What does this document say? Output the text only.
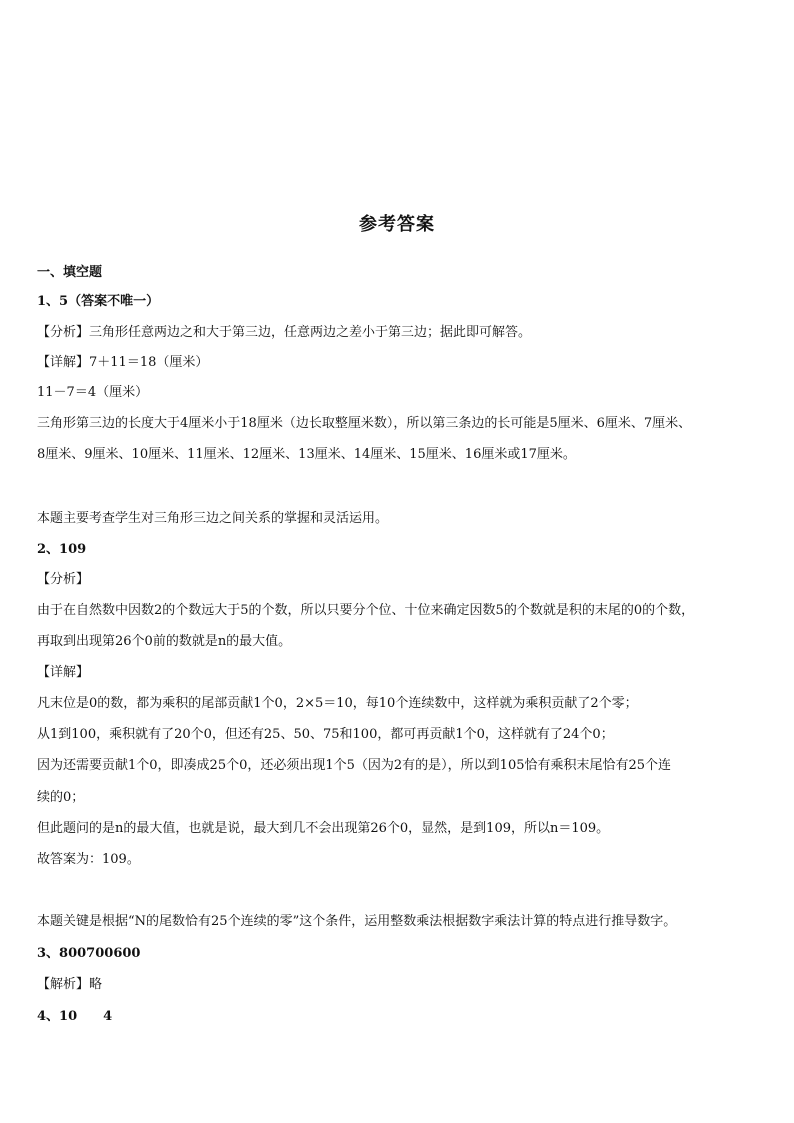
参考答案
一、填空题
1、5（答案不唯一）
【分析】三角形任意两边之和大于第三边，任意两边之差小于第三边；据此即可解答。
【详解】7＋11＝18（厘米）
11－7＝4（厘米）
三角形第三边的长度大于4厘米小于18厘米（边长取整厘米数），所以第三条边的长可能是5厘米、6厘米、7厘米、
8厘米、9厘米、10厘米、11厘米、12厘米、13厘米、14厘米、15厘米、16厘米或17厘米。
本题主要考查学生对三角形三边之间关系的掌握和灵活运用。
2、109
【分析】
由于在自然数中因数2的个数远大于5的个数，所以只要分个位、十位来确定因数5的个数就是积的末尾的0的个数，
再取到出现第26个0前的数就是n的最大值。
【详解】
凡末位是0的数，都为乘积的尾部贡献1个0，2×5＝10，每10个连续数中，这样就为乘积贡献了2个零；
从1到100，乘积就有了20个0，但还有25、50、75和100，都可再贡献1个0，这样就有了24个0；
因为还需要贡献1个0，即凑成25个0，还必须出现1个5（因为2有的是），所以到105恰有乘积末尾恰有25个连
续的0；
但此题问的是n的最大值，也就是说，最大到几不会出现第26个0，显然，是到109，所以n＝109。
故答案为：109。
本题关键是根据“N的尾数恰有25个连续的零”这个条件，运用整数乘法根据数字乘法计算的特点进行推导数字。
3、800700600
【解析】略
4、10　　4
